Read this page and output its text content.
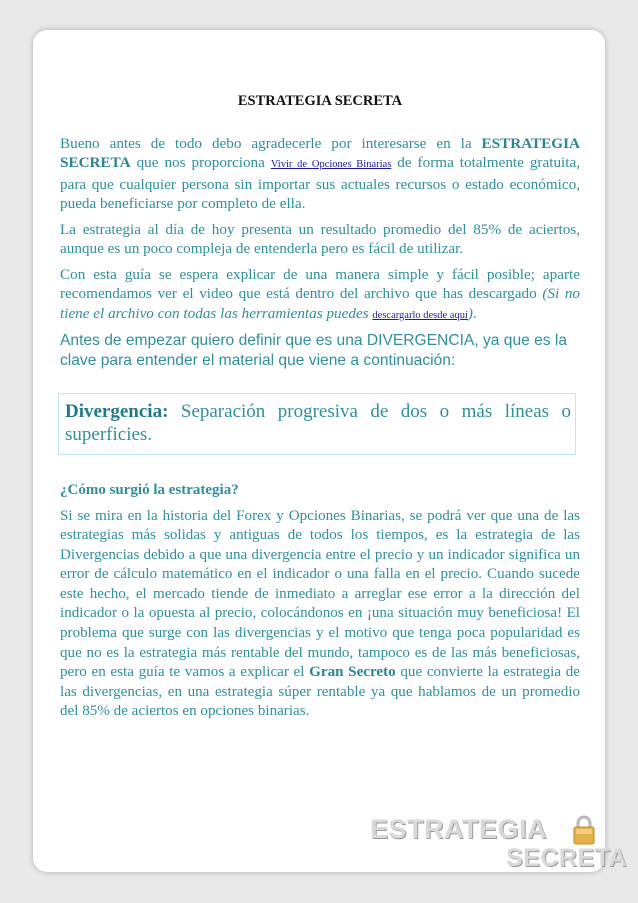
ESTRATEGIA SECRETA

Bueno antes de todo debo agradecerle por interesarse en la ESTRATEGIA SECRETA que nos proporciona Vivir de Opciones Binarias de forma totalmente gratuita, para que cualquier persona sin importar sus actuales recursos o estado económico, pueda beneficiarse por completo de ella.

La estrategia al día de hoy presenta un resultado promedio del 85% de aciertos, aunque es un poco compleja de entenderla pero es fácil de utilizar.

Con esta guía se espera explicar de una manera simple y fácil posible; aparte recomendamos ver el video que está dentro del archivo que has descargado (Si no tiene el archivo con todas las herramientas puedes descargarlo desde aquí).

Antes de empezar quiero definir que es una DIVERGENCIA, ya que es la clave para entender el material que viene a continuación:
Divergencia: Separación progresiva de dos o más líneas o superficies.
¿Cómo surgió la estrategia?

Si se mira en la historia del Forex y Opciones Binarias, se podrá ver que una de las estrategias más solidas y antiguas de todos los tiempos, es la estrategia de las Divergencias debido a que una divergencia entre el precio y un indicador significa un error de cálculo matemático en el indicador o una falla en el precio. Cuando sucede este hecho, el mercado tiende de inmediato a arreglar ese error a la dirección del indicador o la opuesta al precio, colocándonos en ¡una situación muy beneficiosa! El problema que surge con las divergencias y el motivo que tenga poca popularidad es que no es la estrategia más rentable del mundo, tampoco es de las más beneficiosas, pero en esta guía te vamos a explicar el Gran Secreto que convierte la estrategia de las divergencias, en una estrategia súper rentable ya que hablamos de un promedio del 85% de aciertos en opciones binarias.

ESTRATEGIA
SECRETA
